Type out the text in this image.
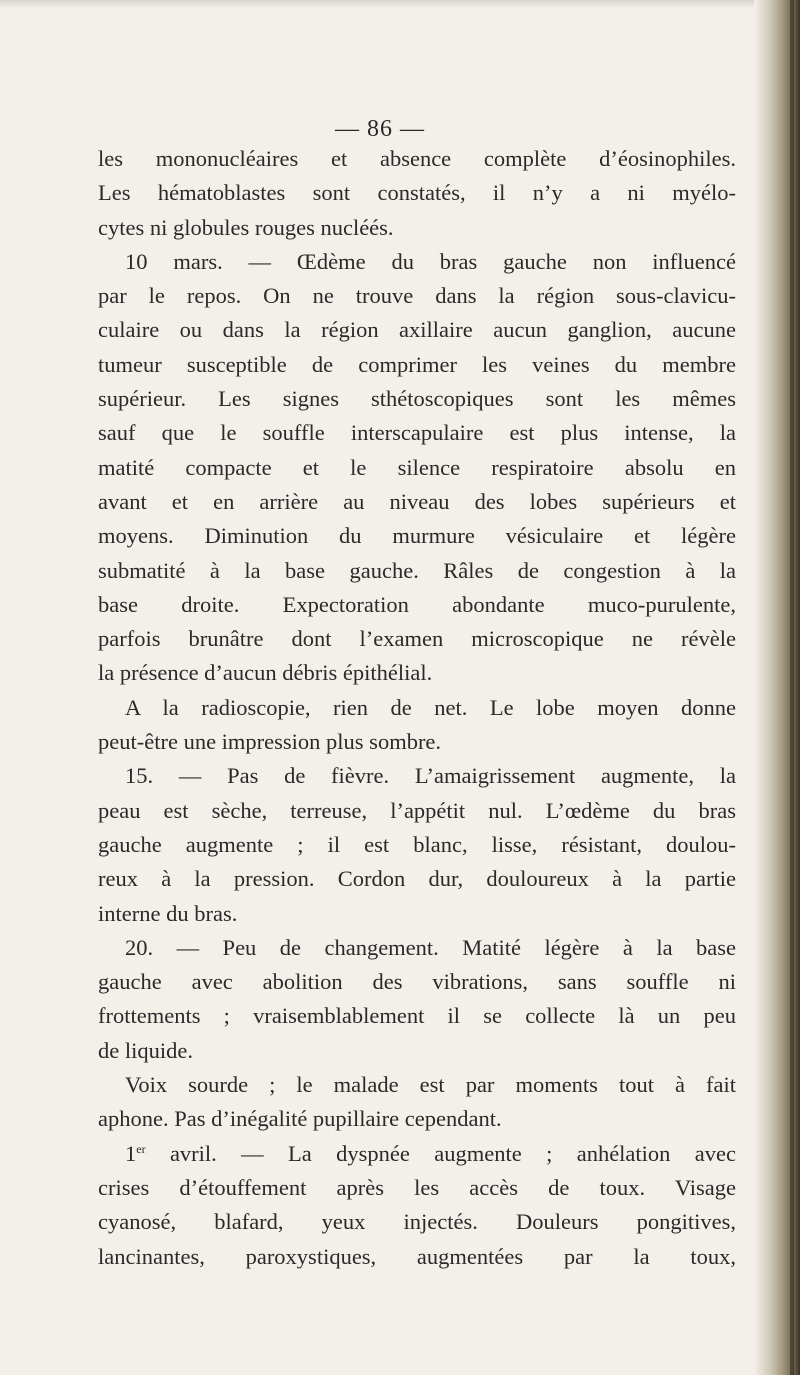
— 86 —
les mononucléaires et absence complète d’éosinophiles.
Les hématoblastes sont constatés, il n’y a ni myélo-
cytes ni globules rouges nucléés.
10 mars. — Œdème du bras gauche non influencé
par le repos. On ne trouve dans la région sous-clavicu-
culaire ou dans la région axillaire aucun ganglion, aucune
tumeur susceptible de comprimer les veines du membre
supérieur. Les signes sthétoscopiques sont les mêmes
sauf que le souffle interscapulaire est plus intense, la
matité compacte et le silence respiratoire absolu en
avant et en arrière au niveau des lobes supérieurs et
moyens. Diminution du murmure vésiculaire et légère
submatité à la base gauche. Râles de congestion à la
base droite. Expectoration abondante muco-purulente,
parfois brunâtre dont l’examen microscopique ne révèle
la présence d’aucun débris épithélial.
A la radioscopie, rien de net. Le lobe moyen donne
peut-être une impression plus sombre.
15. — Pas de fièvre. L’amaigrissement augmente, la
peau est sèche, terreuse, l’appétit nul. L’œdème du bras
gauche augmente ; il est blanc, lisse, résistant, doulou-
reux à la pression. Cordon dur, douloureux à la partie
interne du bras.
20. — Peu de changement. Matité légère à la base
gauche avec abolition des vibrations, sans souffle ni
frottements ; vraisemblablement il se collecte là un peu
de liquide.
Voix sourde ; le malade est par moments tout à fait
aphone. Pas d’inégalité pupillaire cependant.
1er avril. — La dyspnée augmente ; anhélation avec
crises d’étouffement après les accès de toux. Visage
cyanosé, blafard, yeux injectés. Douleurs pongitives,
lancinantes, paroxystiques, augmentées par la toux,
